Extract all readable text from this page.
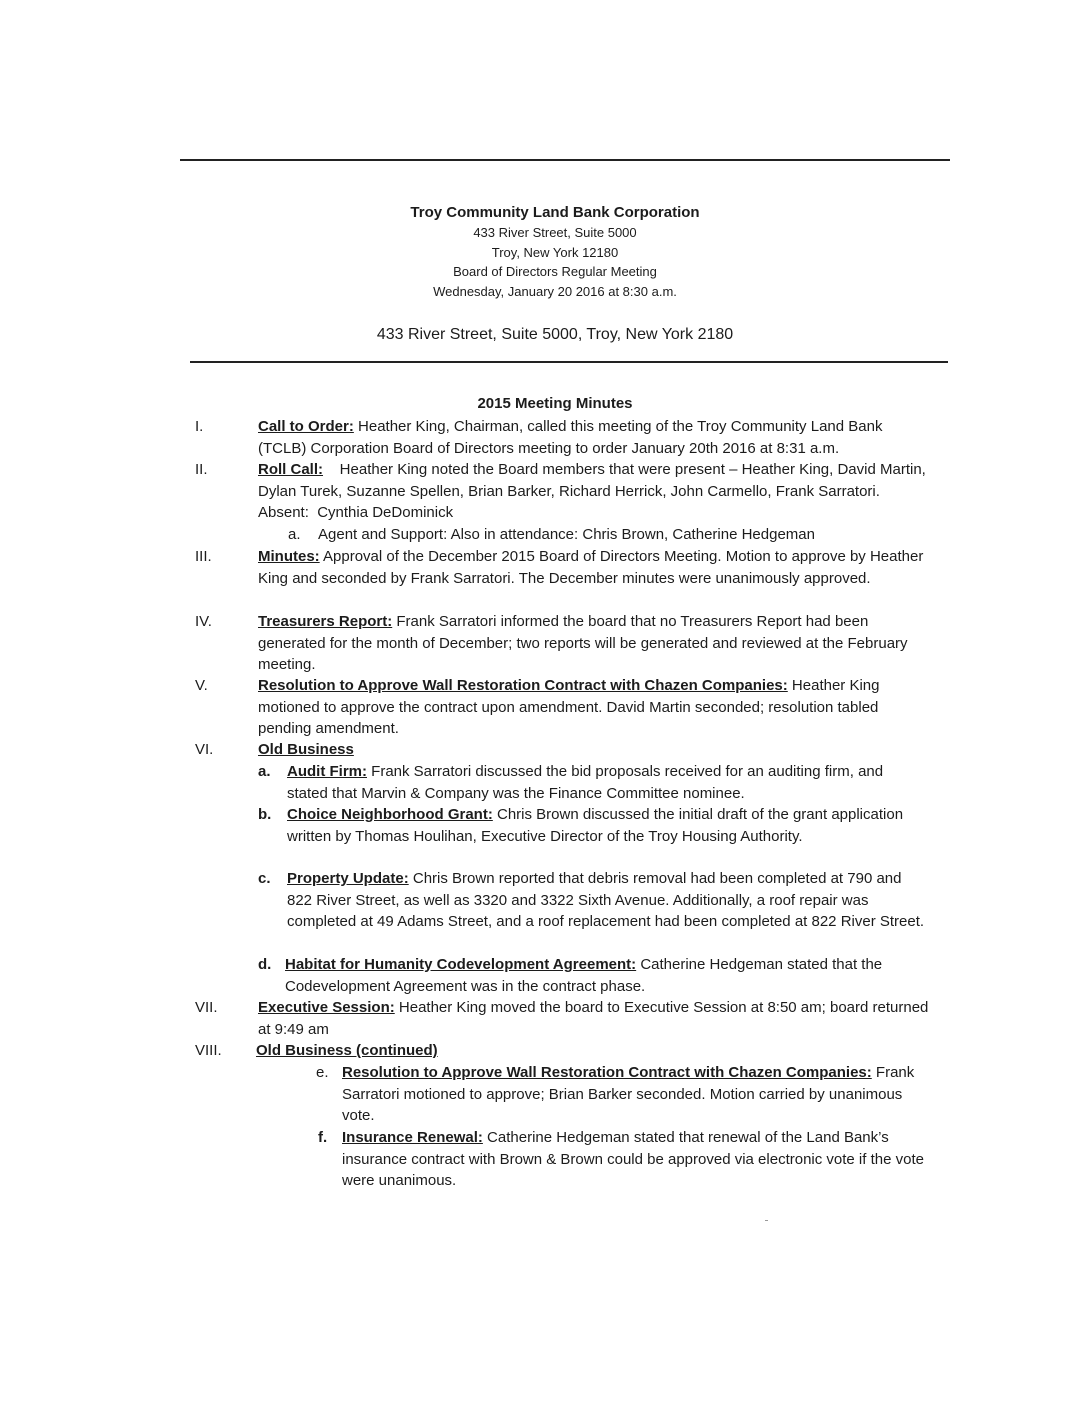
Troy Community Land Bank Corporation
433 River Street, Suite 5000
Troy, New York 12180
Board of Directors Regular Meeting
Wednesday, January 20 2016 at 8:30 a.m.
433 River Street, Suite 5000, Troy, New York 2180
2015 Meeting Minutes
I.	Call to Order: Heather King, Chairman, called this meeting of the Troy Community Land Bank (TCLB) Corporation Board of Directors meeting to order January 20th 2016 at 8:31 a.m.
II.	Roll Call:    Heather King noted the Board members that were present – Heather King, David Martin, Dylan Turek, Suzanne Spellen, Brian Barker, Richard Herrick, John Carmello, Frank Sarratori.  Absent:  Cynthia DeDominick
a. Agent and Support: Also in attendance: Chris Brown, Catherine Hedgeman
III.	Minutes: Approval of the December 2015 Board of Directors Meeting. Motion to approve by Heather King and seconded by Frank Sarratori. The December minutes were unanimously approved.
IV.	Treasurers Report: Frank Sarratori informed the board that no Treasurers Report had been generated for the month of December; two reports will be generated and reviewed at the February meeting.
V.	Resolution to Approve Wall Restoration Contract with Chazen Companies: Heather King motioned to approve the contract upon amendment. David Martin seconded; resolution tabled pending amendment.
VI.	Old Business
a. Audit Firm: Frank Sarratori discussed the bid proposals received for an auditing firm, and stated that Marvin & Company was the Finance Committee nominee.
b. Choice Neighborhood Grant: Chris Brown discussed the initial draft of the grant application written by Thomas Houlihan, Executive Director of the Troy Housing Authority.
c. Property Update: Chris Brown reported that debris removal had been completed at 790 and 822 River Street, as well as 3320 and 3322 Sixth Avenue. Additionally, a roof repair was completed at 49 Adams Street, and a roof replacement had been completed at 822 River Street.
d. Habitat for Humanity Codevelopment Agreement: Catherine Hedgeman stated that the Codevelopment Agreement was in the contract phase.
VII.	Executive Session: Heather King moved the board to Executive Session at 8:50 am; board returned at 9:49 am
VIII. Old Business (continued)
e. Resolution to Approve Wall Restoration Contract with Chazen Companies: Frank Sarratori motioned to approve; Brian Barker seconded. Motion carried by unanimous vote.
f. Insurance Renewal: Catherine Hedgeman stated that renewal of the Land Bank’s insurance contract with Brown & Brown could be approved via electronic vote if the vote were unanimous.
